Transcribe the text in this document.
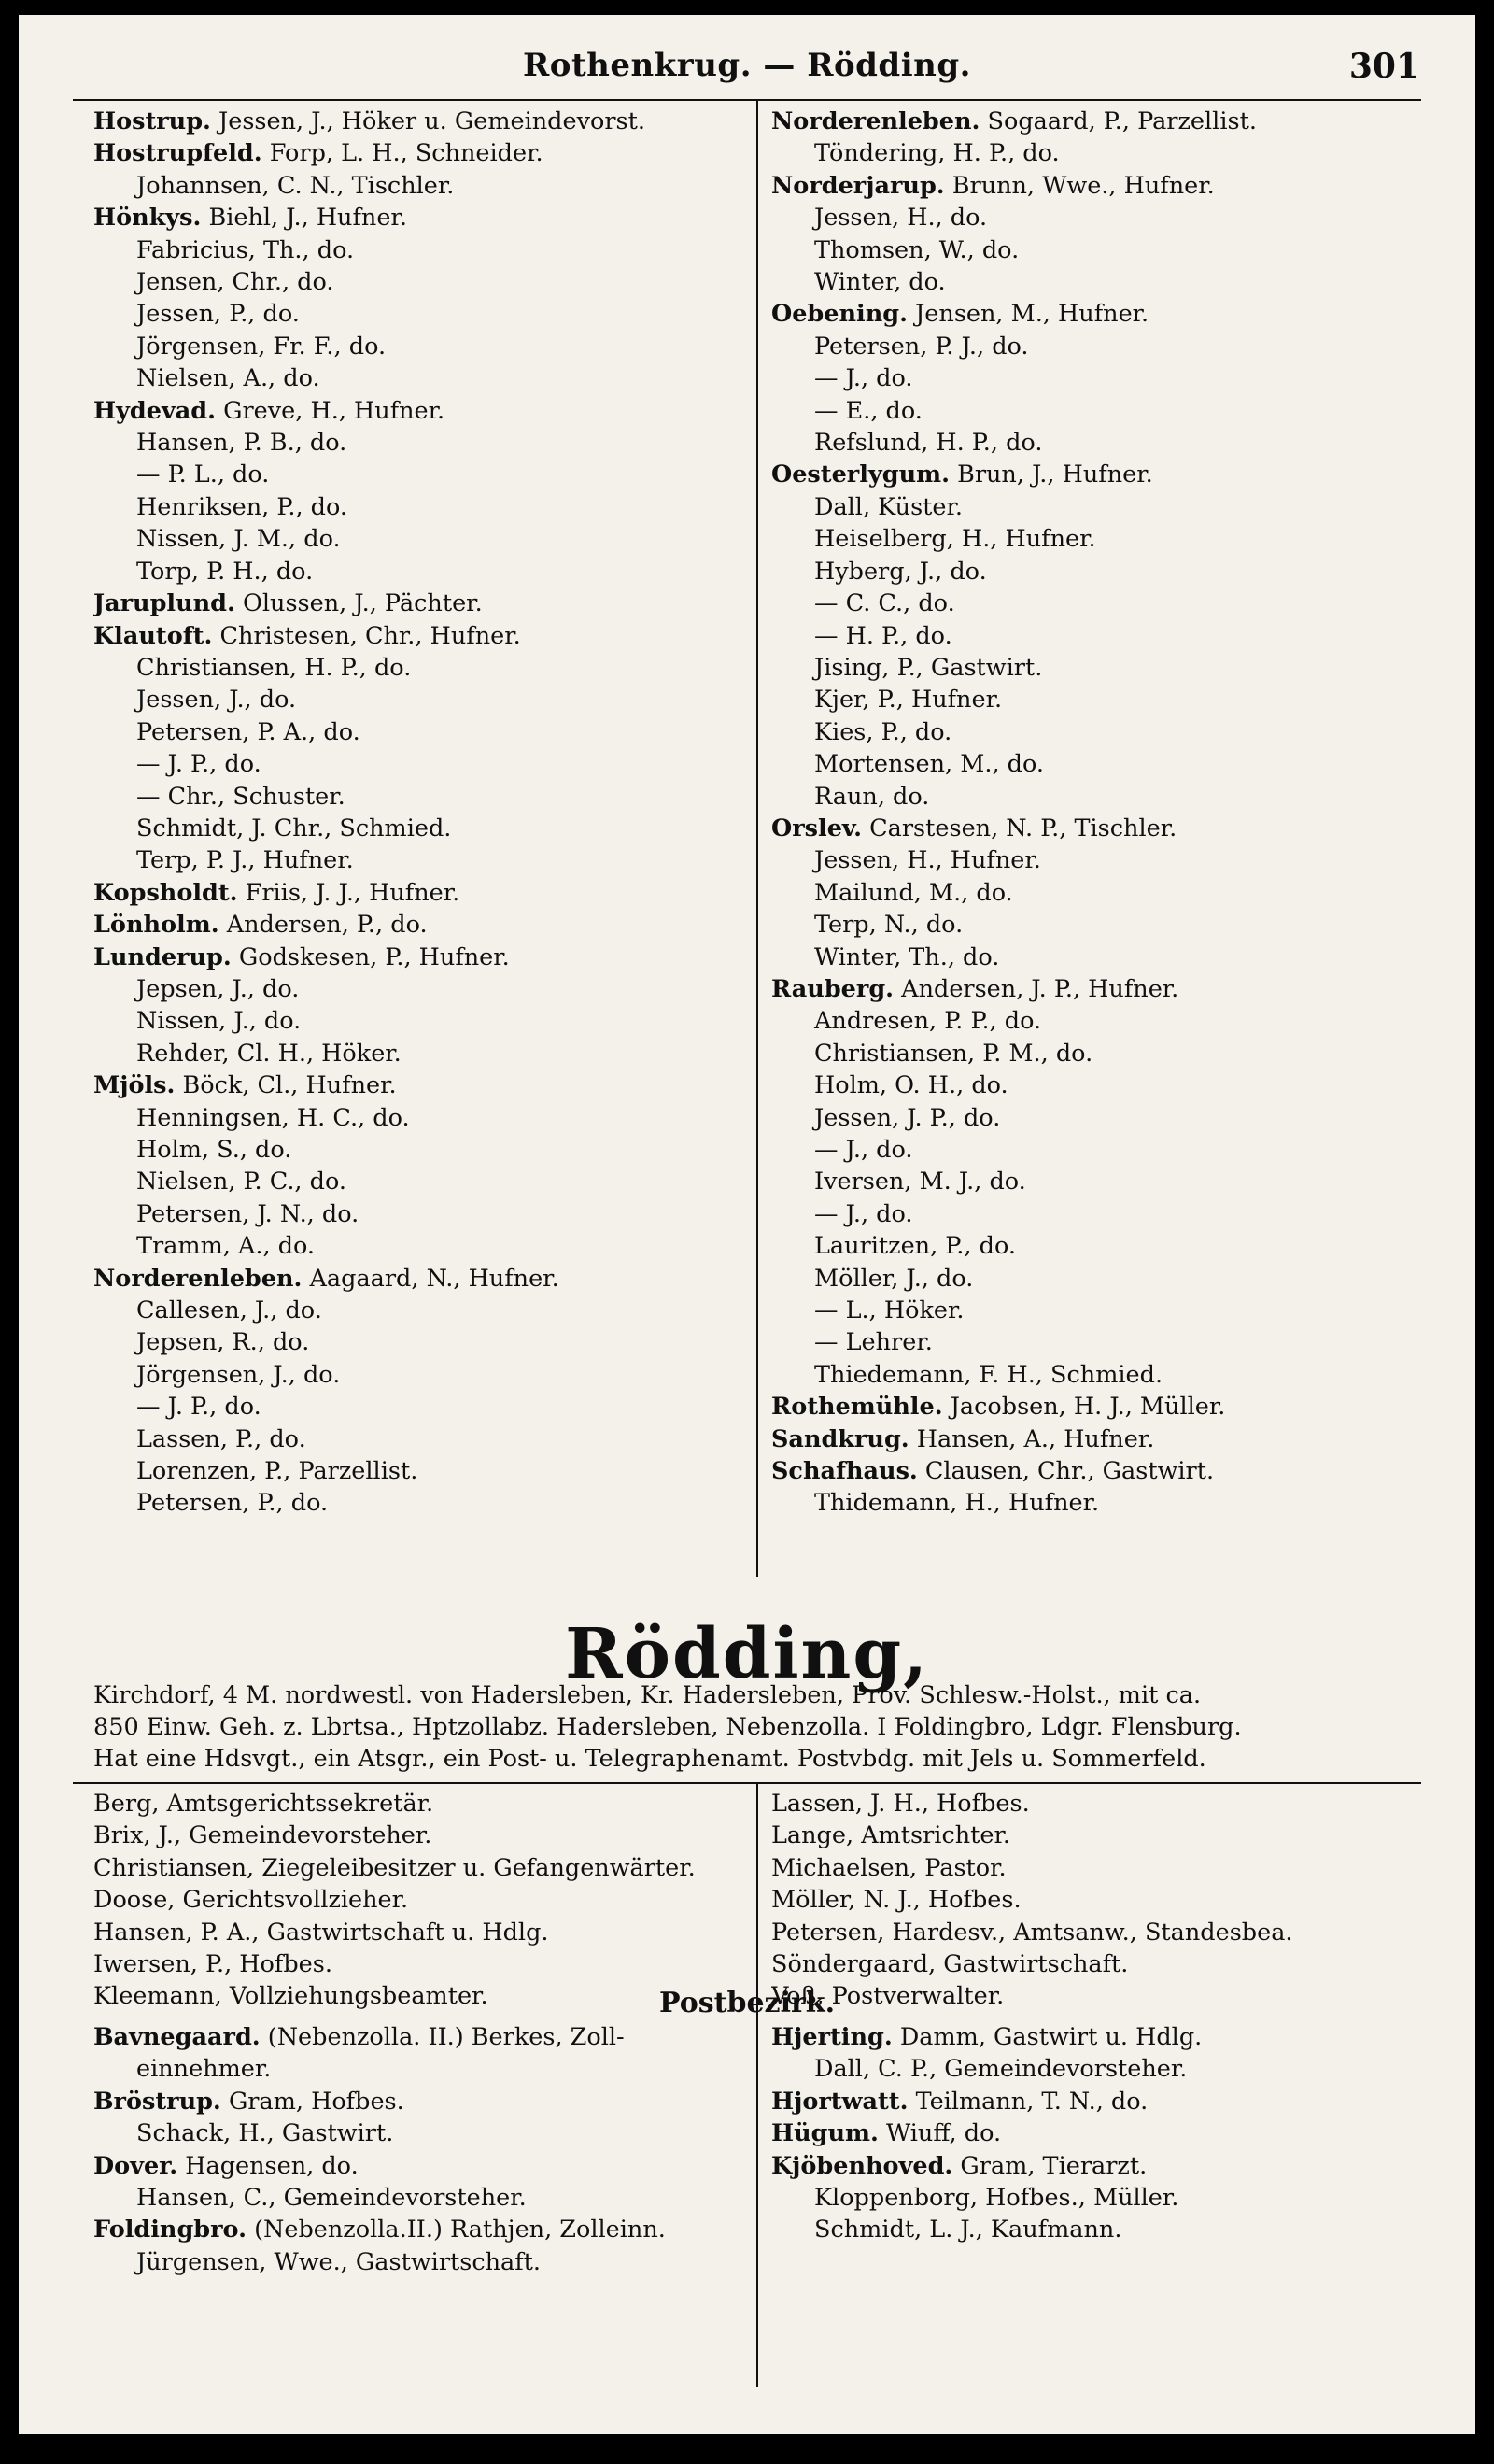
Rothenkrug. — Rödding.	301
Hostrup. Jessen, J., Höker u. Gemeindevorst.
Hostrupfeld. Forp, L. H., Schneider.
Johannsen, C. N., Tischler.
Hönkys. Biehl, J., Hufner.
Fabricius, Th., do.
Jensen, Chr., do.
Jessen, P., do.
Jörgensen, Fr. F., do.
Nielsen, A., do.
Hydevad. Greve, H., Hufner.
Hansen, P. B., do.
— P. L., do.
Henriksen, P., do.
Nissen, J. M., do.
Torp, P. H., do.
Jaruplund. Olussen, J., Pächter.
Klautoft. Christesen, Chr., Hufner.
Christiansen, H. P., do.
Jessen, J., do.
Petersen, P. A., do.
— J. P., do.
— Chr., Schuster.
Schmidt, J. Chr., Schmied.
Terp, P. J., Hufner.
Kopsholdt. Friis, J. J., Hufner.
Lönholm. Andersen, P., do.
Lunderup. Godskesen, P., Hufner.
Jepsen, J., do.
Nissen, J., do.
Rehder, Cl. H., Höker.
Mjöls. Böck, Cl., Hufner.
Henningsen, H. C., do.
Holm, S., do.
Nielsen, P. C., do.
Petersen, J. N., do.
Tramm, A., do.
Norderenleben. Aagaard, N., Hufner.
Callesen, J., do.
Jepsen, R., do.
Jörgensen, J., do.
— J. P., do.
Lassen, P., do.
Lorenzen, P., Parzellist.
Petersen, P., do.
Norderenleben. Sogaard, P., Parzellist.
Töndering, H. P., do.
Norderjarup. Brunn, Wwe., Hufner.
Jessen, H., do.
Thomsen, W., do.
Winter, do.
Oebening. Jensen, M., Hufner.
Petersen, P. J., do.
— J., do.
— E., do.
Refslund, H. P., do.
Oesterlygum. Brun, J., Hufner.
Dall, Küster.
Heiselberg, H., Hufner.
Hyberg, J., do.
— C. C., do.
— H. P., do.
Jising, P., Gastwirt.
Kjer, P., Hufner.
Kies, P., do.
Mortensen, M., do.
Raun, do.
Orslev. Carstesen, N. P., Tischler.
Jessen, H., Hufner.
Mailund, M., do.
Terp, N., do.
Winter, Th., do.
Rauberg. Andersen, J. P., Hufner.
Andresen, P. P., do.
Christiansen, P. M., do.
Holm, O. H., do.
Jessen, J. P., do.
— J., do.
Iversen, M. J., do.
— J., do.
Lauritzen, P., do.
Möller, J., do.
— L., Höker.
— Lehrer.
Thiedemann, F. H., Schmied.
Rothemühle. Jacobsen, H. J., Müller.
Sandkrug. Hansen, A., Hufner.
Schafhaus. Clausen, Chr., Gastwirt.
Thidemann, H., Hufner.
Rödding,
Kirchdorf, 4 M. nordwestl. von Hadersleben, Kr. Hadersleben, Prov. Schlesw.-Holst., mit ca.
850 Einw. Geh. z. Lbrtsa., Hptzollabz. Hadersleben, Nebenzolla. I Foldingbro, Ldgr. Flensburg.
Hat eine Hdsvgt., ein Atsgr., ein Post- u. Telegraphenamt. Postvbdg. mit Jels u. Sommerfeld.
Berg, Amtsgerichtssekretär.
Brix, J., Gemeindevorsteher.
Christiansen, Ziegeleibesitzer u. Gefangenwärter.
Doose, Gerichtsvollzieher.
Hansen, P. A., Gastwirtschaft u. Hdlg.
Iwersen, P., Hofbes.
Kleemann, Vollziehungsbeamter.
Lassen, J. H., Hofbes.
Lange, Amtsrichter.
Michaelsen, Pastor.
Möller, N. J., Hofbes.
Petersen, Hardesv., Amtsanw., Standesbea.
Söndergaard, Gastwirtschaft.
Voß, Postverwalter.
Postbezirk.
Bavnegaard. (Nebenzolla. II.) Berkes, Zoll-
einnehmer.
Bröstrup. Gram, Hofbes.
Schack, H., Gastwirt.
Dover. Hagensen, do.
Hansen, C., Gemeindevorsteher.
Foldingbro. (Nebenzolla.II.) Rathjen, Zolleinn.
Jürgensen, Wwe., Gastwirtschaft.
Hjerting. Damm, Gastwirt u. Hdlg.
Dall, C. P., Gemeindevorsteher.
Hjortwatt. Teilmann, T. N., do.
Hügum. Wiuff, do.
Kjöbenhoved. Gram, Tierarzt.
Kloppenborg, Hofbes., Müller.
Schmidt, L. J., Kaufmann.
